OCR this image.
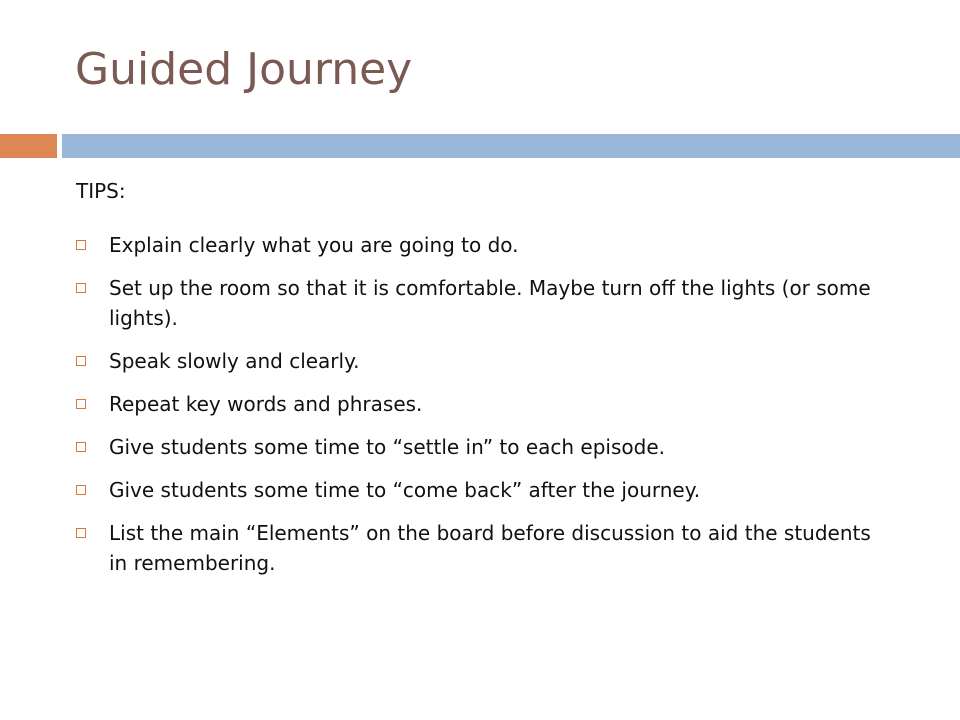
Guided Journey

TIPS:

Explain clearly what you are going to do.
Set up the room so that it is comfortable. Maybe turn off the lights (or some lights).
Speak slowly and clearly.
Repeat key words and phrases.
Give students some time to “settle in” to each episode.
Give students some time to “come back” after the journey.
List the main “Elements” on the board before discussion to aid the students in remembering.
